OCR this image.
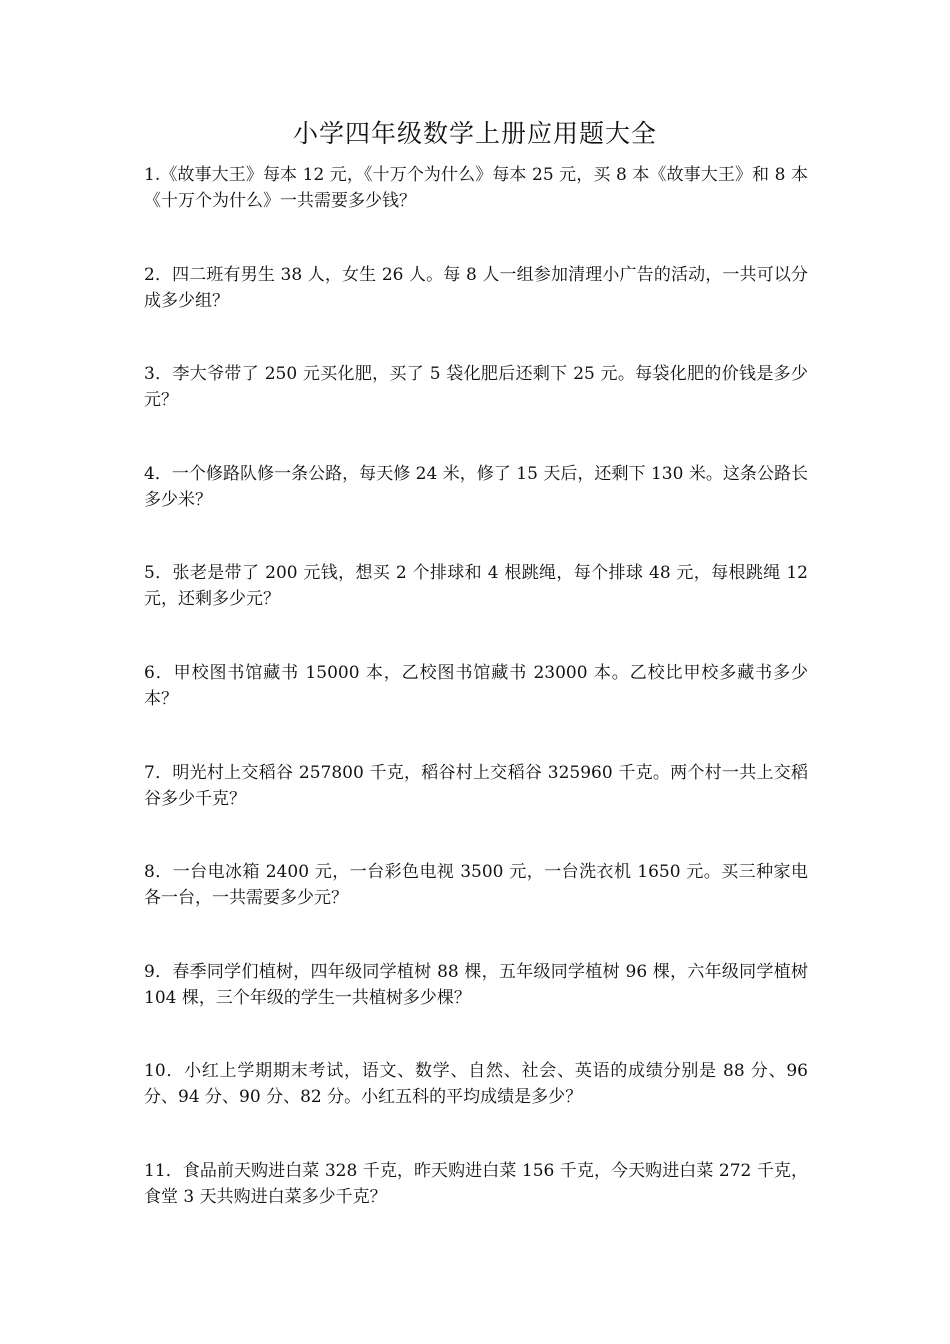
小学四年级数学上册应用题大全
1.《故事大王》每本 12 元，《十万个为什么》每本 25 元，买 8 本《故事大王》和 8 本《十万个为什么》一共需要多少钱？
2．四二班有男生 38 人，女生 26 人。每 8 人一组参加清理小广告的活动，一共可以分成多少组？
3．李大爷带了 250 元买化肥，买了 5 袋化肥后还剩下 25 元。每袋化肥的价钱是多少元？
4．一个修路队修一条公路，每天修 24 米，修了 15 天后，还剩下 130 米。这条公路长多少米？
5．张老是带了 200 元钱，想买 2 个排球和 4 根跳绳，每个排球 48 元，每根跳绳 12 元，还剩多少元？
6．甲校图书馆藏书 15000 本，乙校图书馆藏书 23000 本。乙校比甲校多藏书多少本？
7．明光村上交稻谷 257800 千克，稻谷村上交稻谷 325960 千克。两个村一共上交稻谷多少千克？
8．一台电冰箱 2400 元，一台彩色电视 3500 元，一台洗衣机 1650 元。买三种家电各一台，一共需要多少元？
9．春季同学们植树，四年级同学植树 88 棵，五年级同学植树 96 棵，六年级同学植树 104 棵，三个年级的学生一共植树多少棵？
10．小红上学期期末考试，语文、数学、自然、社会、英语的成绩分别是 88 分、96 分、94 分、90 分、82 分。小红五科的平均成绩是多少？
11．食品前天购进白菜 328 千克，昨天购进白菜 156 千克，今天购进白菜 272 千克，食堂 3 天共购进白菜多少千克？
